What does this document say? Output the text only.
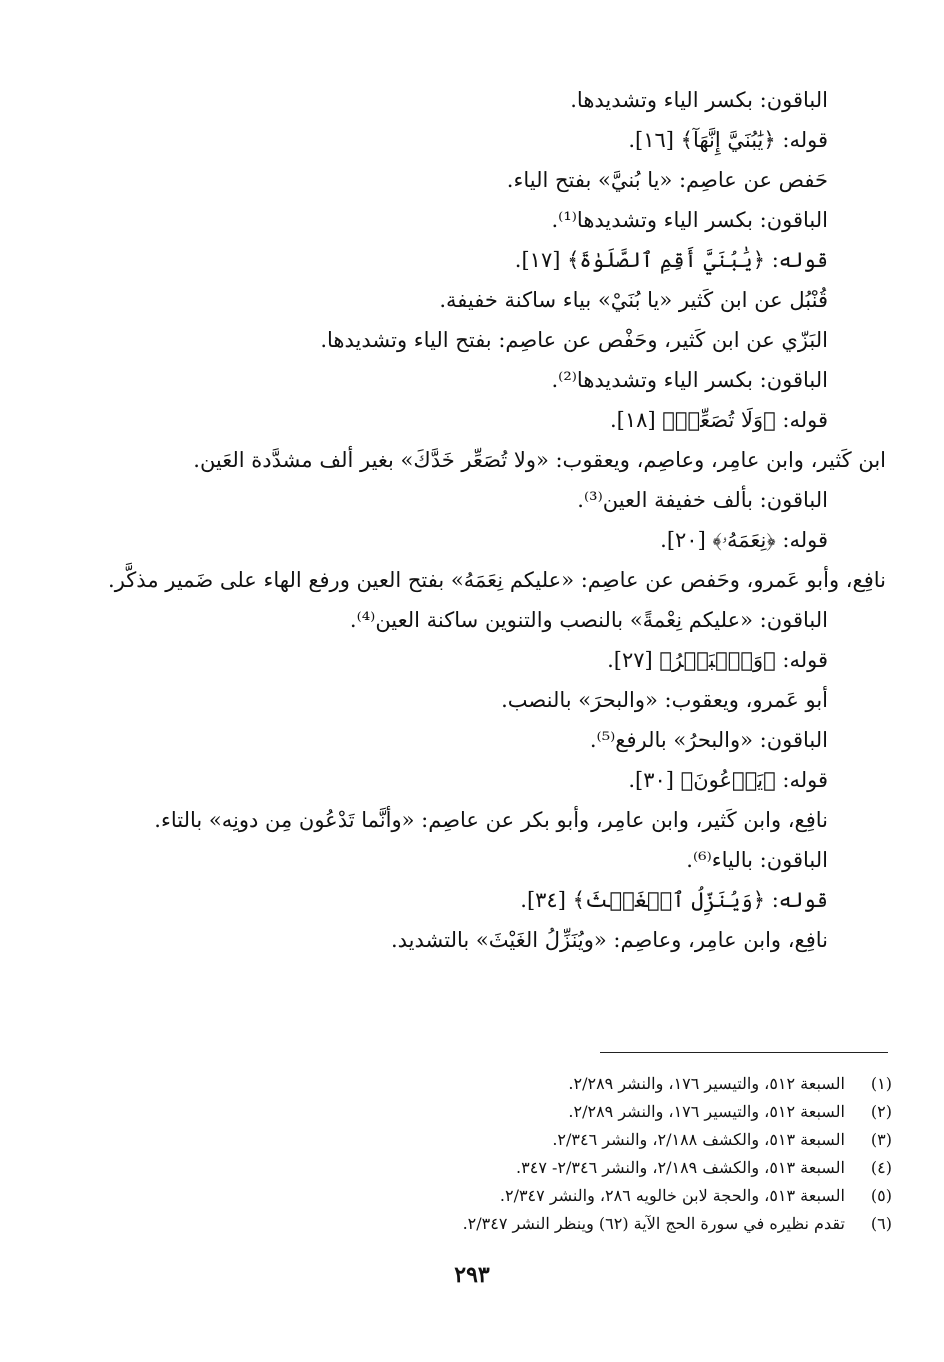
الباقون: بكسر الياء وتشديدها.
قوله: ﴿يَٰبُنَيَّ إِنَّهَآ﴾ [١٦].
حَفص عن عاصِم: «يا بُنيَّ» بفتح الياء.
الباقون: بكسر الياء وتشديدها⁽¹⁾.
قوله: ﴿يَٰبُنَيَّ أَقِمِ ٱلصَّلَوٰةَ﴾ [١٧].
قُنْبُل عن ابن كَثير «يا بُنَيْ» بياء ساكنة خفيفة.
البَزّي عن ابن كَثير، وحَفْص عن عاصِم: بفتح الياء وتشديدها.
الباقون: بكسر الياء وتشديدها⁽²⁾.
قوله: ﴿وَلَا تُصَعِّرۡ﴾ [١٨].
ابن كَثير، وابن عامِر، وعاصِم، ويعقوب: «ولا تُصَعِّر خَدَّكَ» بغير ألف مشدَّدة العَين.
الباقون: بألف خفيفة العين⁽³⁾.
قوله: ﴿نِعَمَهُۥ﴾ [٢٠].
نافِع، وأبو عَمرو، وحَفص عن عاصِم: «عليكم نِعَمَهُ» بفتح العين ورفع الهاء على ضَمير مذكَّر.
الباقون: «عليكم نِعْمةً» بالنصب والتنوين ساكنة العين⁽⁴⁾.
قوله: ﴿وَٱلۡبَحۡرُ﴾ [٢٧].
أبو عَمرو، ويعقوب: «والبحرَ» بالنصب.
الباقون: «والبحرُ» بالرفع⁽⁵⁾.
قوله: ﴿يَدۡعُونَ﴾ [٣٠].
نافِع، وابن كَثير، وابن عامِر، وأبو بكر عن عاصِم: «وأنَّما تَدْعُون مِن دونِه» بالتاء.
الباقون: بالياء⁽⁶⁾.
قوله: ﴿وَيُنَزِّلُ ٱلۡغَيۡثَ﴾ [٣٤].
نافِع، وابن عامِر، وعاصِم: «ويُنَزِّلُ الغَيْثَ» بالتشديد.
(١) السبعة ٥١٢، والتيسير ١٧٦، والنشر ٢/٢٨٩.
(٢) السبعة ٥١٢، والتيسير ١٧٦، والنشر ٢/٢٨٩.
(٣) السبعة ٥١٣، والكشف ٢/١٨٨، والنشر ٢/٣٤٦.
(٤) السبعة ٥١٣، والكشف ٢/١٨٩، والنشر ٢/٣٤٦- ٣٤٧.
(٥) السبعة ٥١٣، والحجة لابن خالويه ٢٨٦، والنشر ٢/٣٤٧.
(٦) تقدم نظيره في سورة الحج الآية (٦٢) وينظر النشر ٢/٣٤٧.
٢٩٣
